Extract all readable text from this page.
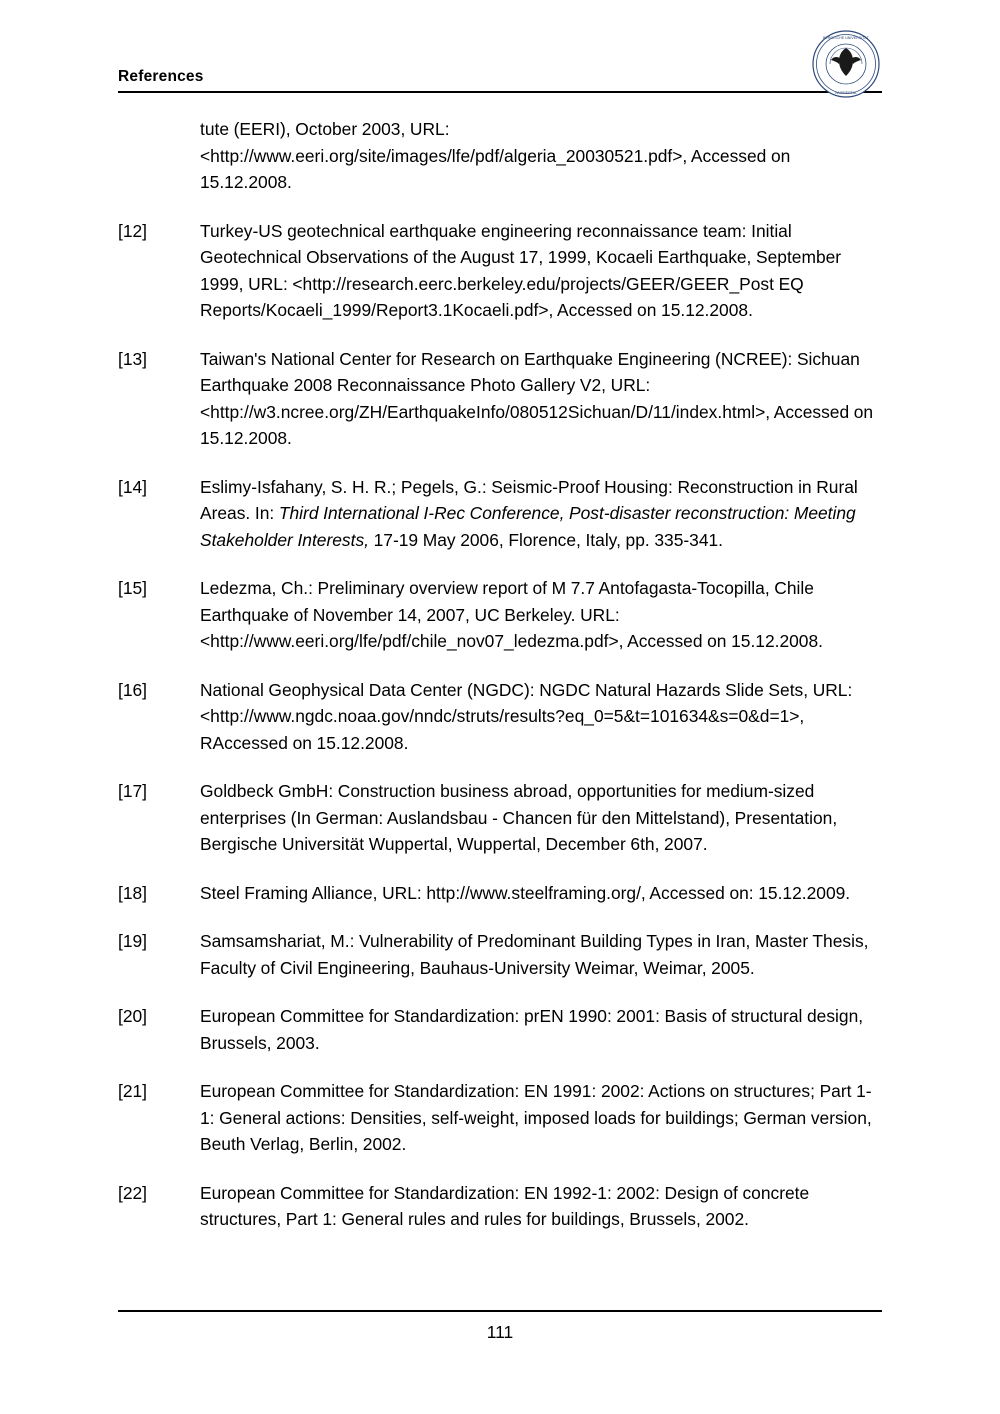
References
BERGISCHE UNIVERSITÄT
WUPPERTAL
tute (EERI), October 2003, URL: <http://www.eeri.org/site/images/lfe/pdf/algeria_20030521.pdf>, Accessed on 15.12.2008.
[12]	Turkey-US geotechnical earthquake engineering reconnaissance team: Initial Geotechnical Observations of the August 17, 1999, Kocaeli Earthquake, September 1999, URL: <http://research.eerc.berkeley.edu/projects/GEER/GEER_Post EQ Reports/Kocaeli_1999/Report3.1Kocaeli.pdf>, Accessed on 15.12.2008.
[13]	Taiwan's National Center for Research on Earthquake Engineering (NCREE): Sichuan Earthquake 2008 Reconnaissance Photo Gallery V2, URL: <http://w3.ncree.org/ZH/EarthquakeInfo/080512Sichuan/D/11/index.html>, Accessed on 15.12.2008.
[14]	Eslimy-Isfahany, S. H. R.; Pegels, G.: Seismic-Proof Housing: Reconstruction in Rural Areas. In: Third International I-Rec Conference, Post-disaster reconstruction: Meeting Stakeholder Interests, 17-19 May 2006, Florence, Italy, pp. 335-341.
[15]	Ledezma, Ch.: Preliminary overview report of M 7.7 Antofagasta-Tocopilla, Chile Earthquake of November 14, 2007, UC Berkeley. URL: <http://www.eeri.org/lfe/pdf/chile_nov07_ledezma.pdf>, Accessed on 15.12.2008.
[16]	National Geophysical Data Center (NGDC): NGDC Natural Hazards Slide Sets, URL: <http://www.ngdc.noaa.gov/nndc/struts/results?eq_0=5&t=101634&s=0&d=1>, RAccessed on 15.12.2008.
[17]	Goldbeck GmbH: Construction business abroad, opportunities for medium-sized enterprises (In German: Auslandsbau - Chancen für den Mittelstand), Presentation, Bergische Universität Wuppertal, Wuppertal, December 6th, 2007.
[18]	Steel Framing Alliance, URL: http://www.steelframing.org/, Accessed on: 15.12.2009.
[19]	Samsamshariat, M.: Vulnerability of Predominant Building Types in Iran, Master Thesis, Faculty of Civil Engineering, Bauhaus-University Weimar, Weimar, 2005.
[20]	European Committee for Standardization: prEN 1990: 2001: Basis of structural design, Brussels, 2003.
[21]	European Committee for Standardization: EN 1991: 2002: Actions on structures; Part 1-1: General actions: Densities, self-weight, imposed loads for buildings; German version, Beuth Verlag, Berlin, 2002.
[22]	European Committee for Standardization: EN 1992-1: 2002: Design of concrete structures, Part 1: General rules and rules for buildings, Brussels, 2002.
111
